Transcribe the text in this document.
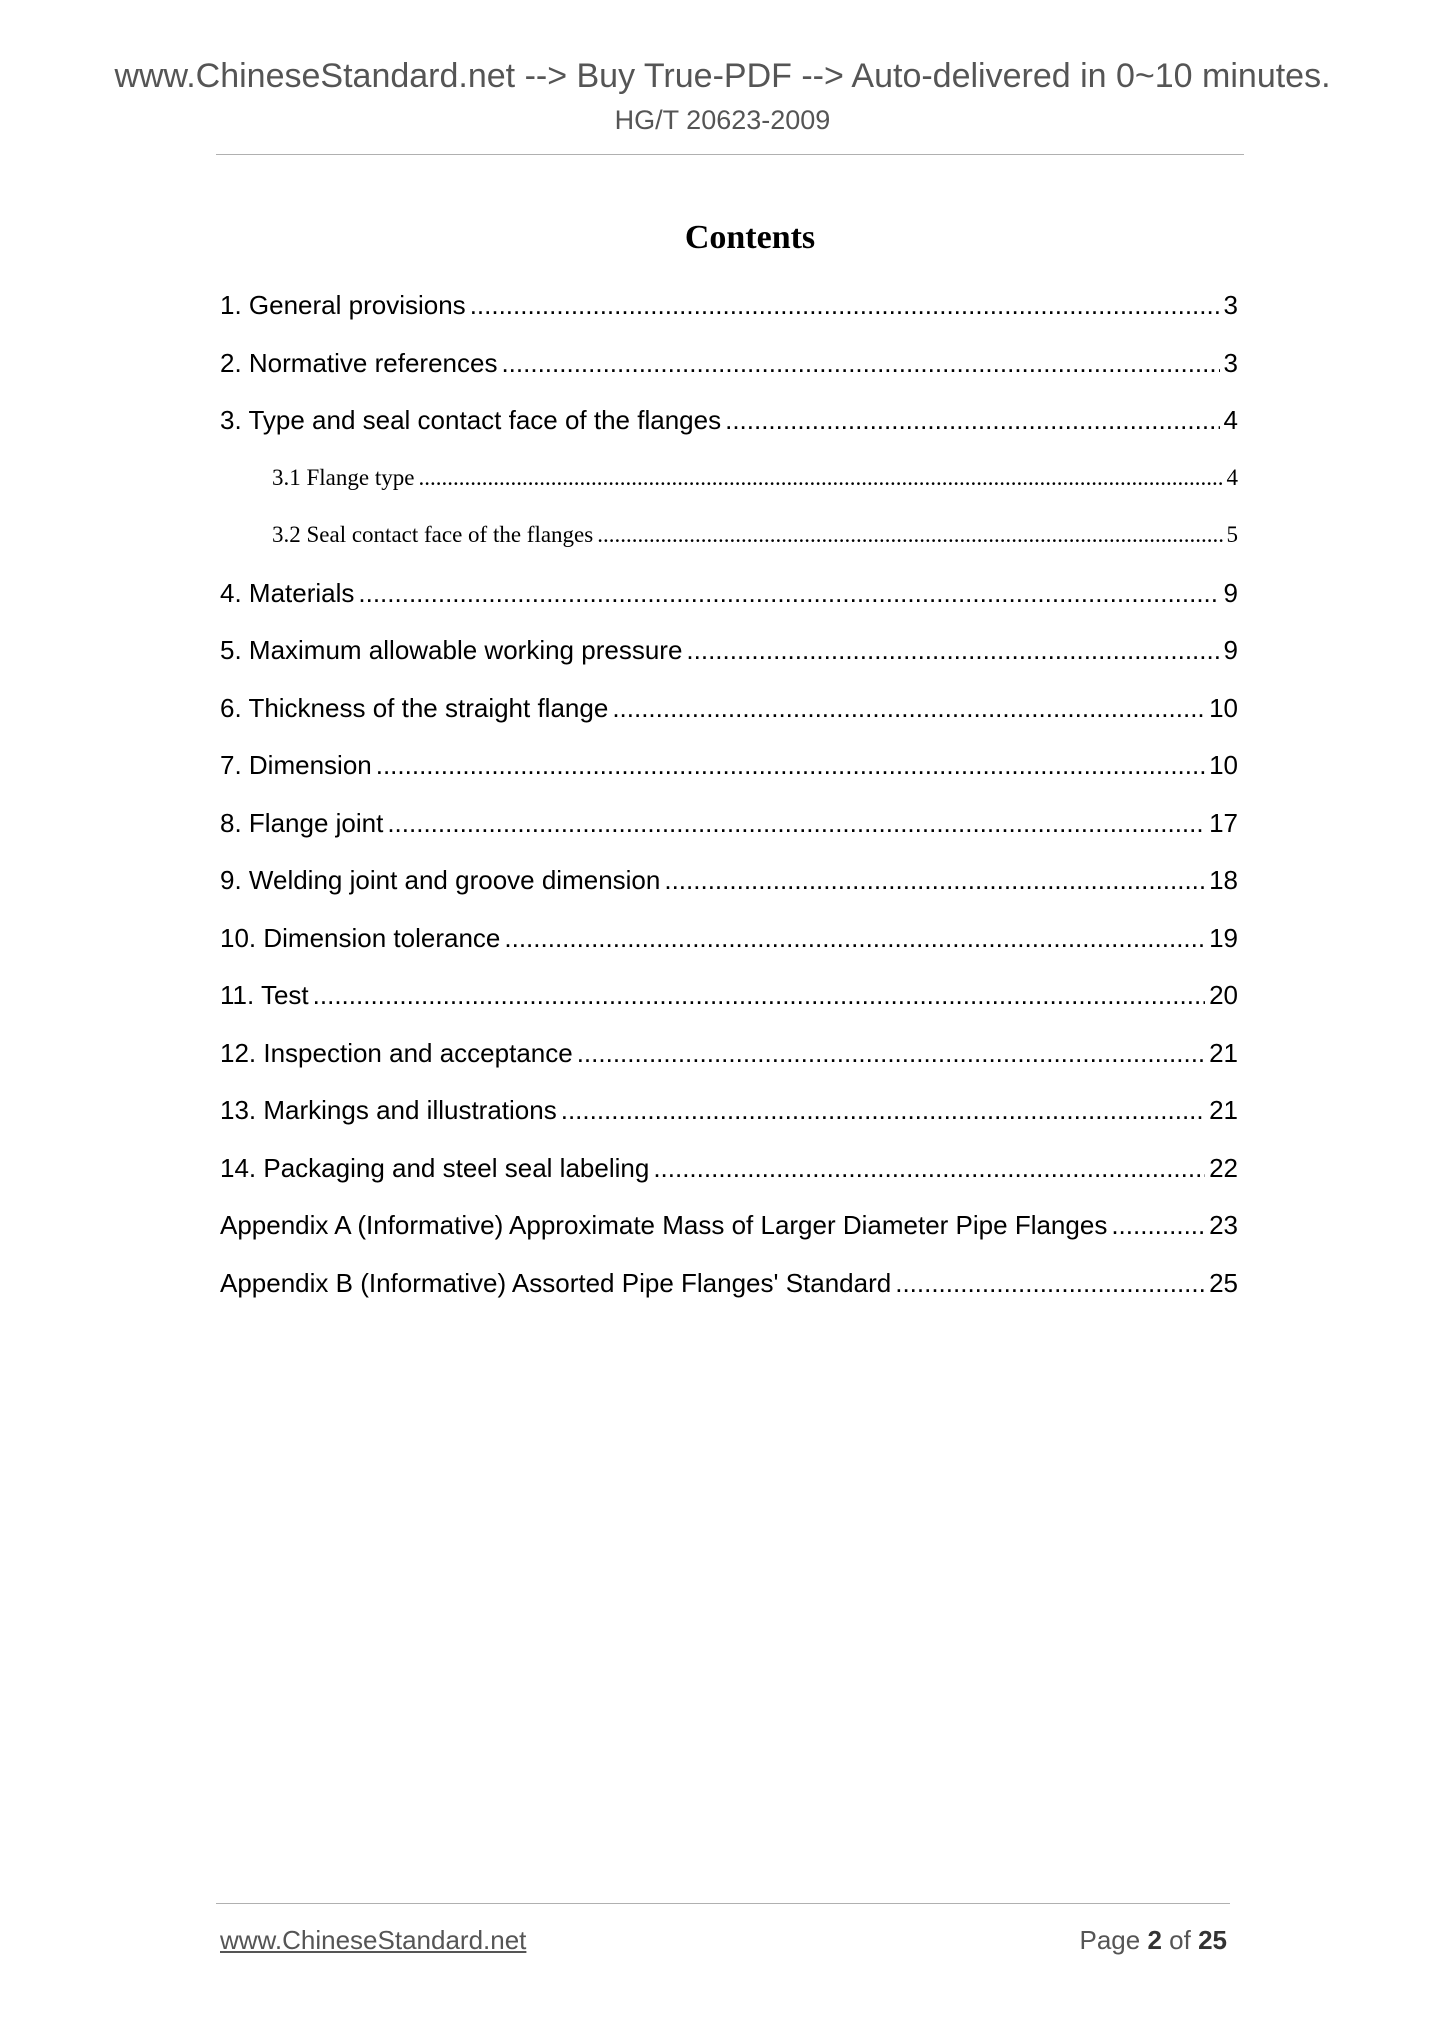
www.ChineseStandard.net --> Buy True-PDF --> Auto-delivered in 0~10 minutes.
HG/T 20623-2009
Contents
1. General provisions .....	3
2. Normative references .....	3
3. Type and seal contact face of the flanges .....	4
3.1 Flange type .....	4
3.2 Seal contact face of the flanges .....	5
4. Materials .....	9
5. Maximum allowable working pressure .....	9
6. Thickness of the straight flange .....	10
7. Dimension .....	10
8. Flange joint .....	17
9. Welding joint and groove dimension .....	18
10. Dimension tolerance .....	19
11. Test .....	20
12. Inspection and acceptance .....	21
13. Markings and illustrations .....	21
14. Packaging and steel seal labeling .....	22
Appendix A (Informative) Approximate Mass of Larger Diameter Pipe Flanges .....	23
Appendix B (Informative) Assorted Pipe Flanges' Standard .....	25
www.ChineseStandard.net	Page 2 of 25
